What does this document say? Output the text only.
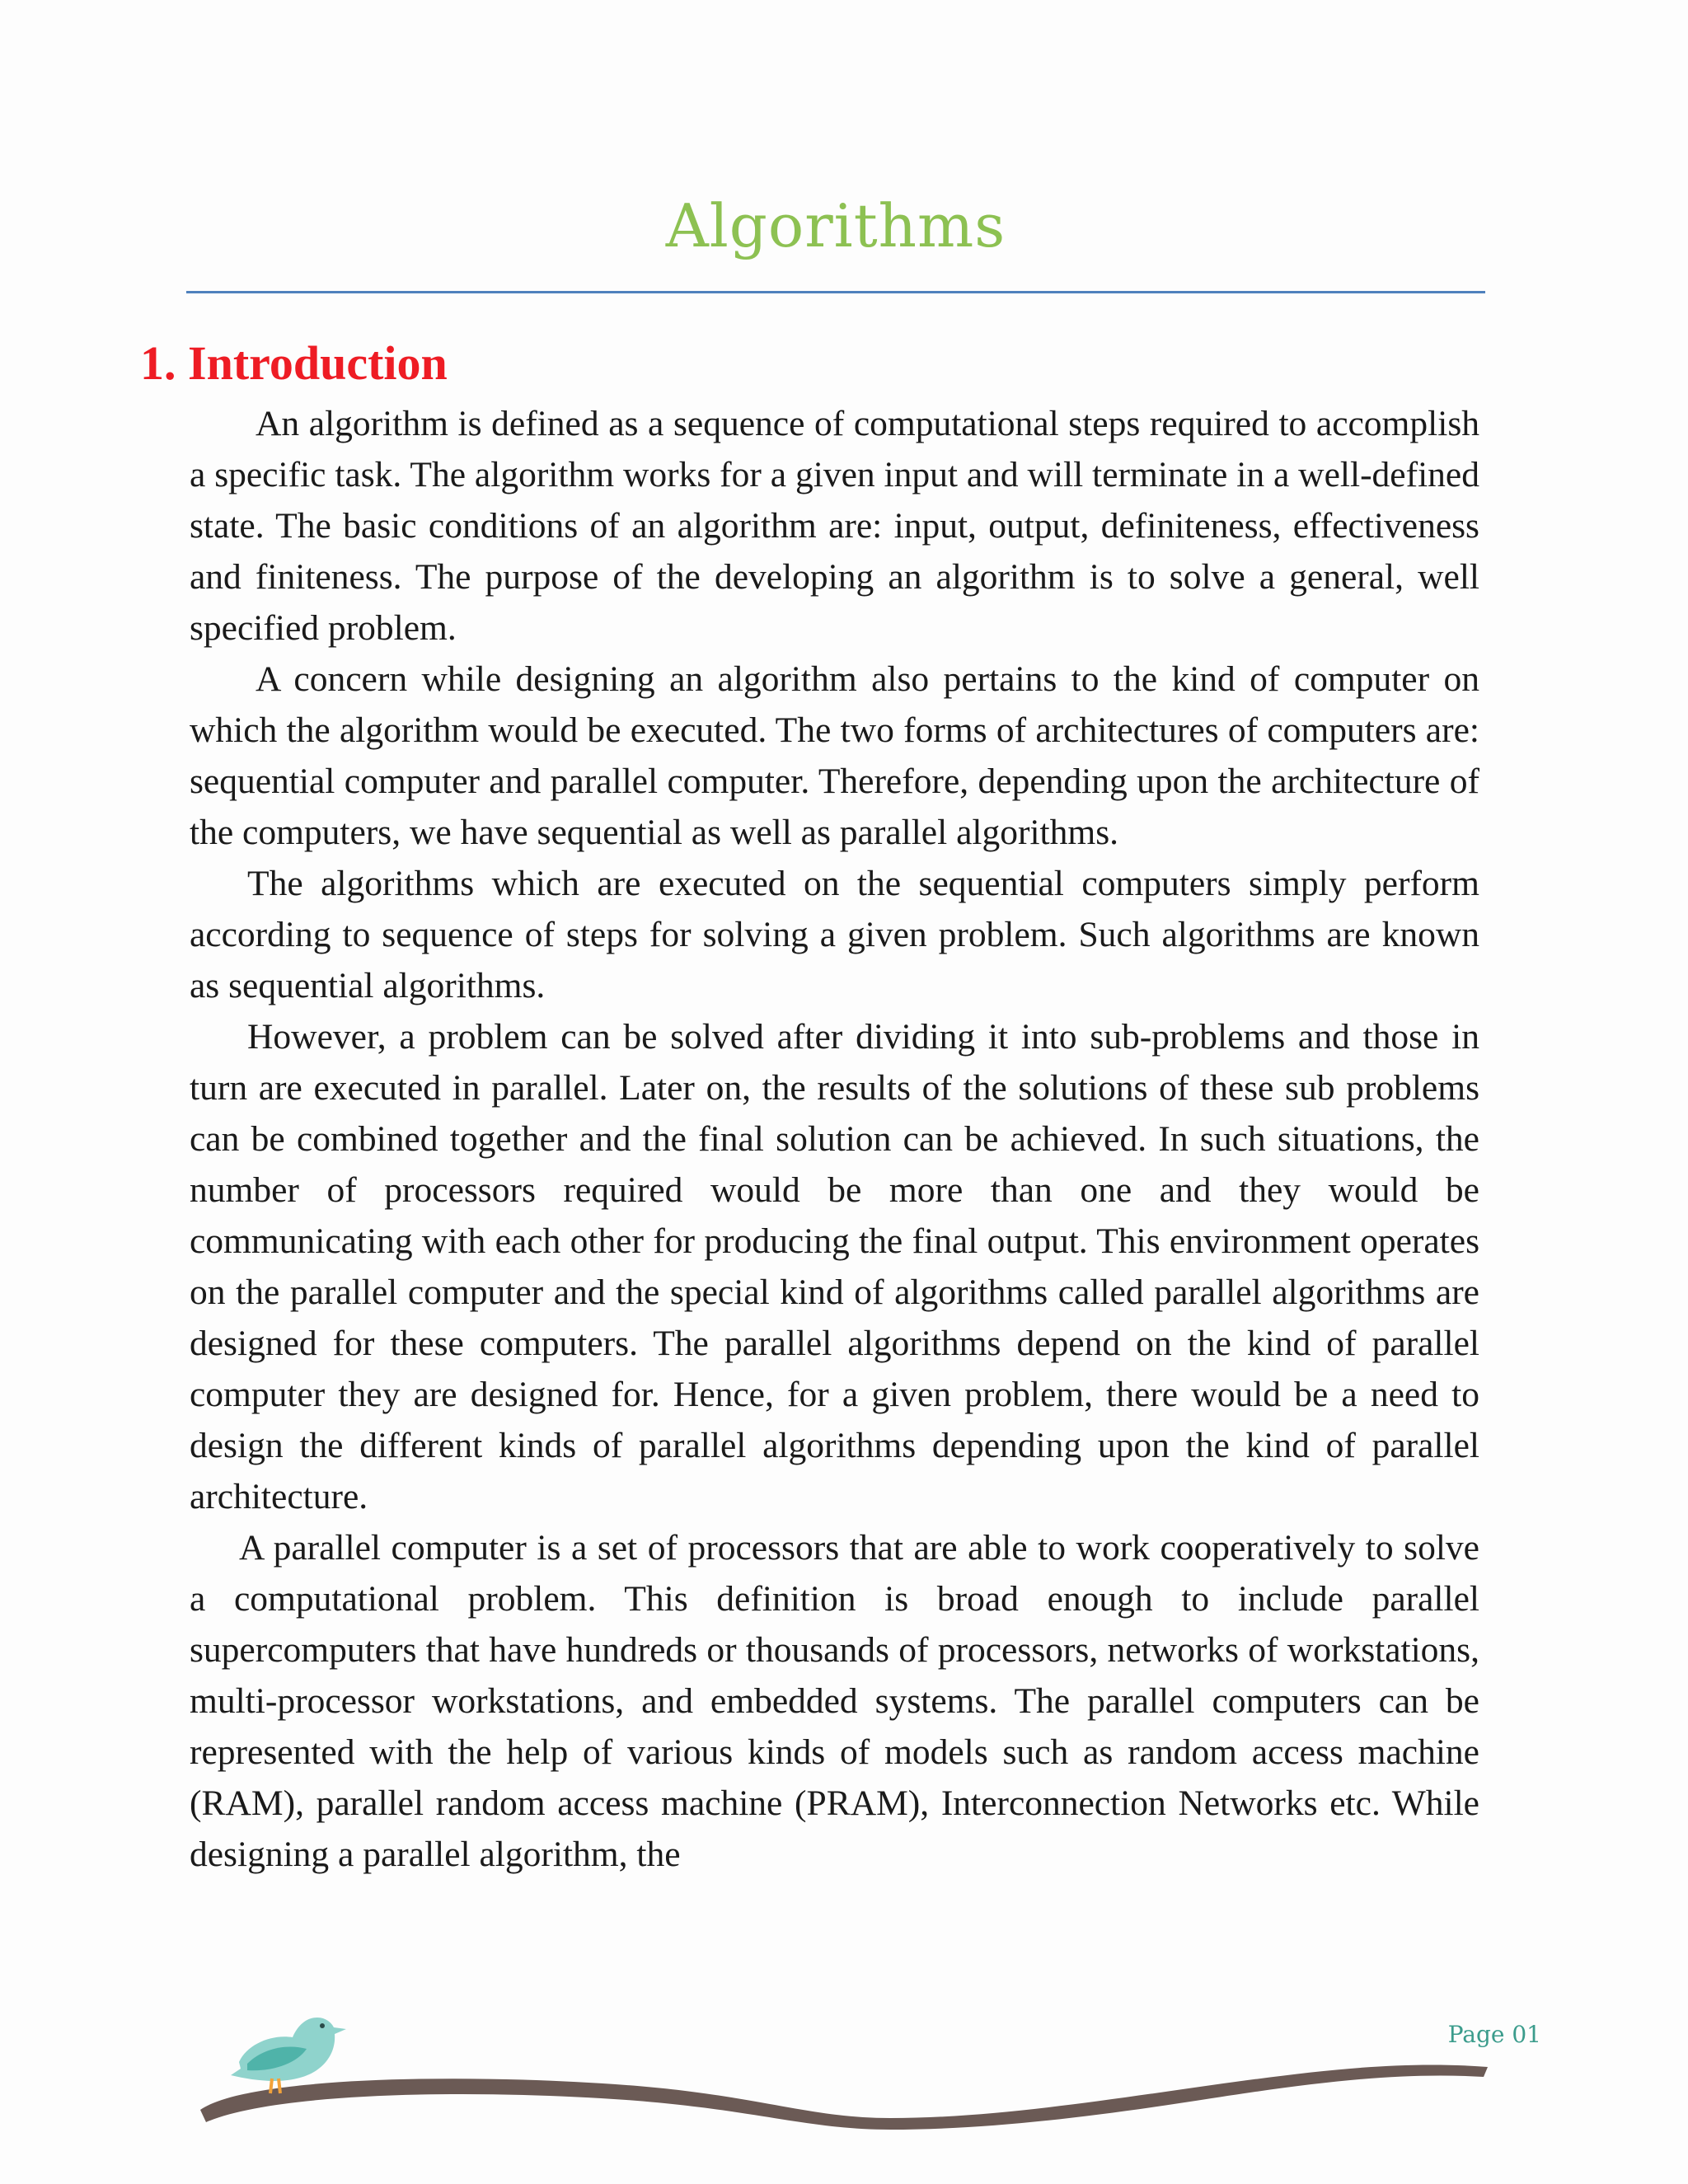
Algorithms
1. Introduction

An algorithm is defined as a sequence of computational steps required to accomplish a specific task. The algorithm works for a given input and will terminate in a well-defined state. The basic conditions of an algorithm are: input, output, definiteness, effectiveness and finiteness. The purpose of the developing an algorithm is to solve a general, well specified problem.

A concern while designing an algorithm also pertains to the kind of computer on which the algorithm would be executed. The two forms of architectures of computers are: sequential computer and parallel computer. Therefore, depending upon the architecture of the computers, we have sequential as well as parallel algorithms.

The algorithms which are executed on the sequential computers simply perform according to sequence of steps for solving a given problem. Such algorithms are known as sequential algorithms.

However, a problem can be solved after dividing it into sub-problems and those in turn are executed in parallel. Later on, the results of the solutions of these sub problems can be combined together and the final solution can be achieved. In such situations, the number of processors required would be more than one and they would be communicating with each other for producing the final output. This environment operates on the parallel computer and the special kind of algorithms called parallel algorithms are designed for these computers. The parallel algorithms depend on the kind of parallel computer they are designed for. Hence, for a given problem, there would be a need to design the different kinds of parallel algorithms depending upon the kind of parallel architecture.

A parallel computer is a set of processors that are able to work cooperatively to solve a computational problem. This definition is broad enough to include parallel supercomputers that have hundreds or thousands of processors, networks of workstations, multi-processor workstations, and embedded systems. The parallel computers can be represented with the help of various kinds of models such as random access machine (RAM), parallel random access machine (PRAM), Interconnection Networks etc. While designing a parallel algorithm, the

Page 01
